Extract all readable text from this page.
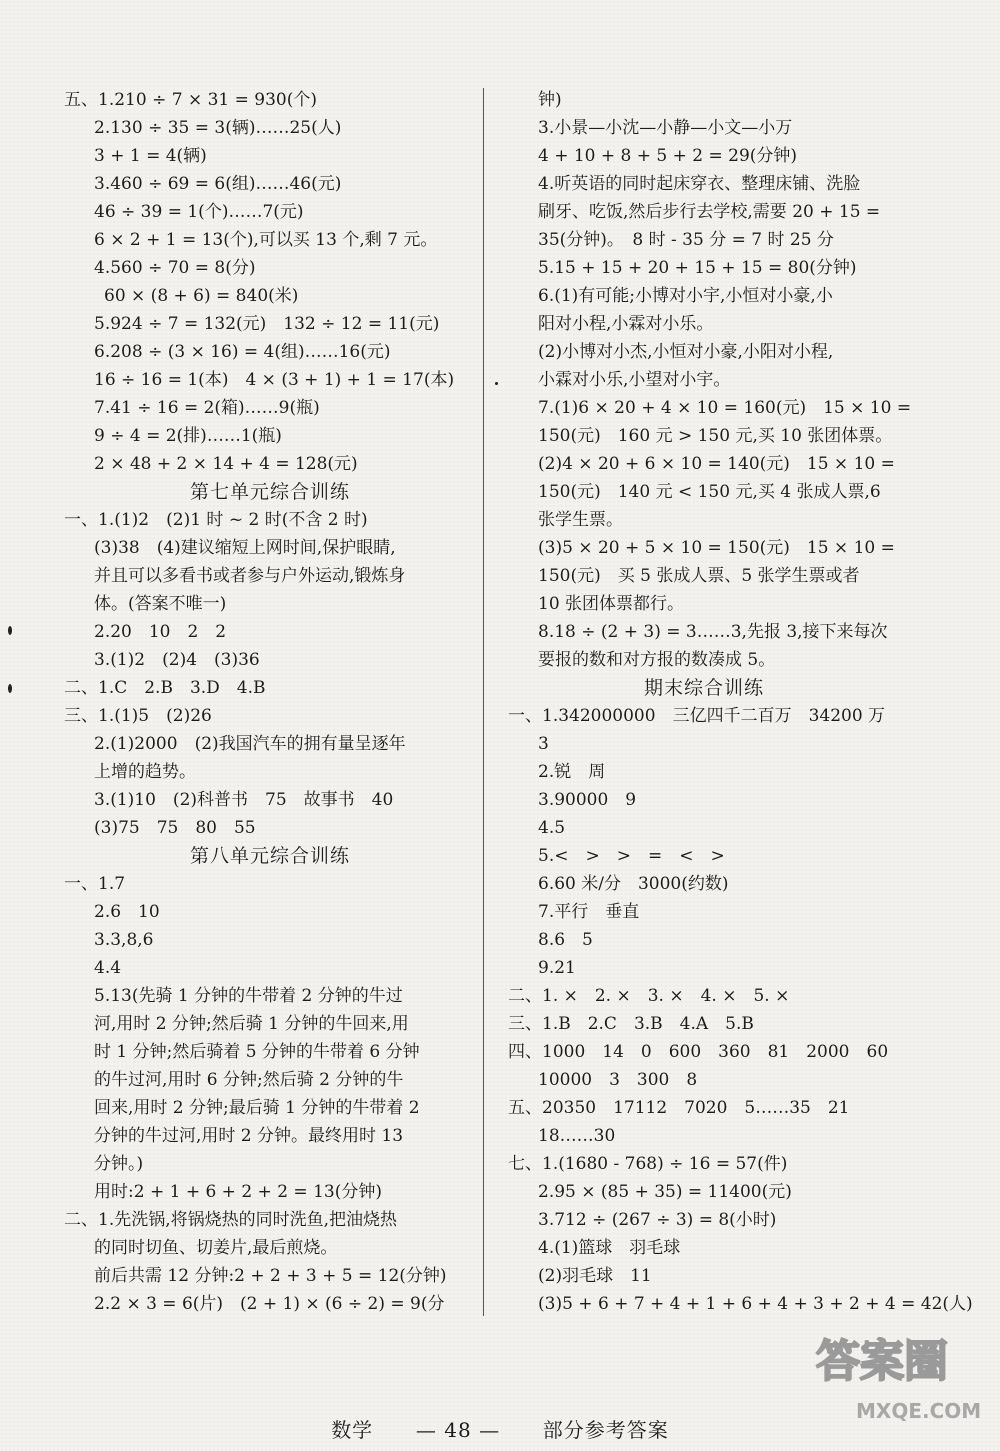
五、1.210 ÷ 7 × 31 = 930(个)
2.130 ÷ 35 = 3(辆)……25(人)
3 + 1 = 4(辆)
3.460 ÷ 69 = 6(组)……46(元)
46 ÷ 39 = 1(个)……7(元)
6 × 2 + 1 = 13(个),可以买 13 个,剩 7 元。
4.560 ÷ 70 = 8(分)
60 × (8 + 6) = 840(米)
5.924 ÷ 7 = 132(元)　132 ÷ 12 = 11(元)
6.208 ÷ (3 × 16) = 4(组)……16(元)
16 ÷ 16 = 1(本)　4 × (3 + 1) + 1 = 17(本)
7.41 ÷ 16 = 2(箱)……9(瓶)
9 ÷ 4 = 2(排)……1(瓶)
2 × 48 + 2 × 14 + 4 = 128(元)
第七单元综合训练
一、1.(1)2　(2)1 时 ~ 2 时(不含 2 时)
(3)38　(4)建议缩短上网时间,保护眼睛,
并且可以多看书或者参与户外运动,锻炼身
体。(答案不唯一)
2.20　10　2　2
3.(1)2　(2)4　(3)36
二、1.C　2.B　3.D　4.B
三、1.(1)5　(2)26
2.(1)2000　(2)我国汽车的拥有量呈逐年
上增的趋势。
3.(1)10　(2)科普书　75　故事书　40
(3)75　75　80　55
第八单元综合训练
一、1.7
2.6　10
3.3,8,6
4.4
5.13(先骑 1 分钟的牛带着 2 分钟的牛过
河,用时 2 分钟;然后骑 1 分钟的牛回来,用
时 1 分钟;然后骑着 5 分钟的牛带着 6 分钟
的牛过河,用时 6 分钟;然后骑 2 分钟的牛
回来,用时 2 分钟;最后骑 1 分钟的牛带着 2
分钟的牛过河,用时 2 分钟。最终用时 13
分钟。)
用时:2 + 1 + 6 + 2 + 2 = 13(分钟)
二、1.先洗锅,将锅烧热的同时洗鱼,把油烧热
的同时切鱼、切姜片,最后煎烧。
前后共需 12 分钟:2 + 2 + 3 + 5 = 12(分钟)
2.2 × 3 = 6(片)　(2 + 1) × (6 ÷ 2) = 9(分
钟)
3.小景—小沈—小静—小文—小万
4 + 10 + 8 + 5 + 2 = 29(分钟)
4.听英语的同时起床穿衣、整理床铺、洗脸
刷牙、吃饭,然后步行去学校,需要 20 + 15 =
35(分钟)。　8 时 - 35 分 = 7 时 25 分
5.15 + 15 + 20 + 15 + 15 = 80(分钟)
6.(1)有可能;小博对小宇,小恒对小豪,小
阳对小程,小霖对小乐。
(2)小博对小杰,小恒对小豪,小阳对小程,
小霖对小乐,小望对小宇。
7.(1)6 × 20 + 4 × 10 = 160(元)　15 × 10 =
150(元)　160 元 > 150 元,买 10 张团体票。
(2)4 × 20 + 6 × 10 = 140(元)　15 × 10 =
150(元)　140 元 < 150 元,买 4 张成人票,6
张学生票。
(3)5 × 20 + 5 × 10 = 150(元)　15 × 10 =
150(元)　买 5 张成人票、5 张学生票或者
10 张团体票都行。
8.18 ÷ (2 + 3) = 3……3,先报 3,接下来每次
要报的数和对方报的数凑成 5。
期末综合训练
一、1.342000000　三亿四千二百万　34200 万
3
2.锐　周
3.90000　9
4.5
5.<　>　>　=　<　>
6.60 米/分　3000(约数)
7.平行　垂直
8.6　5
9.21
二、1. ×　2. ×　3. ×　4. ×　5. ×
三、1.B　2.C　3.B　4.A　5.B
四、1000　14　0　600　360　81　2000　60
10000　3　300　8
五、20350　17112　7020　5……35　21
18……30
七、1.(1680 - 768) ÷ 16 = 57(件)
2.95 × (85 + 35) = 11400(元)
3.712 ÷ (267 ÷ 3) = 8(小时)
4.(1)篮球　羽毛球
(2)羽毛球　11
(3)5 + 6 + 7 + 4 + 1 + 6 + 4 + 3 + 2 + 4 = 42(人)
数学 — 48 — 部分参考答案
答案圈
MXQE.COM
